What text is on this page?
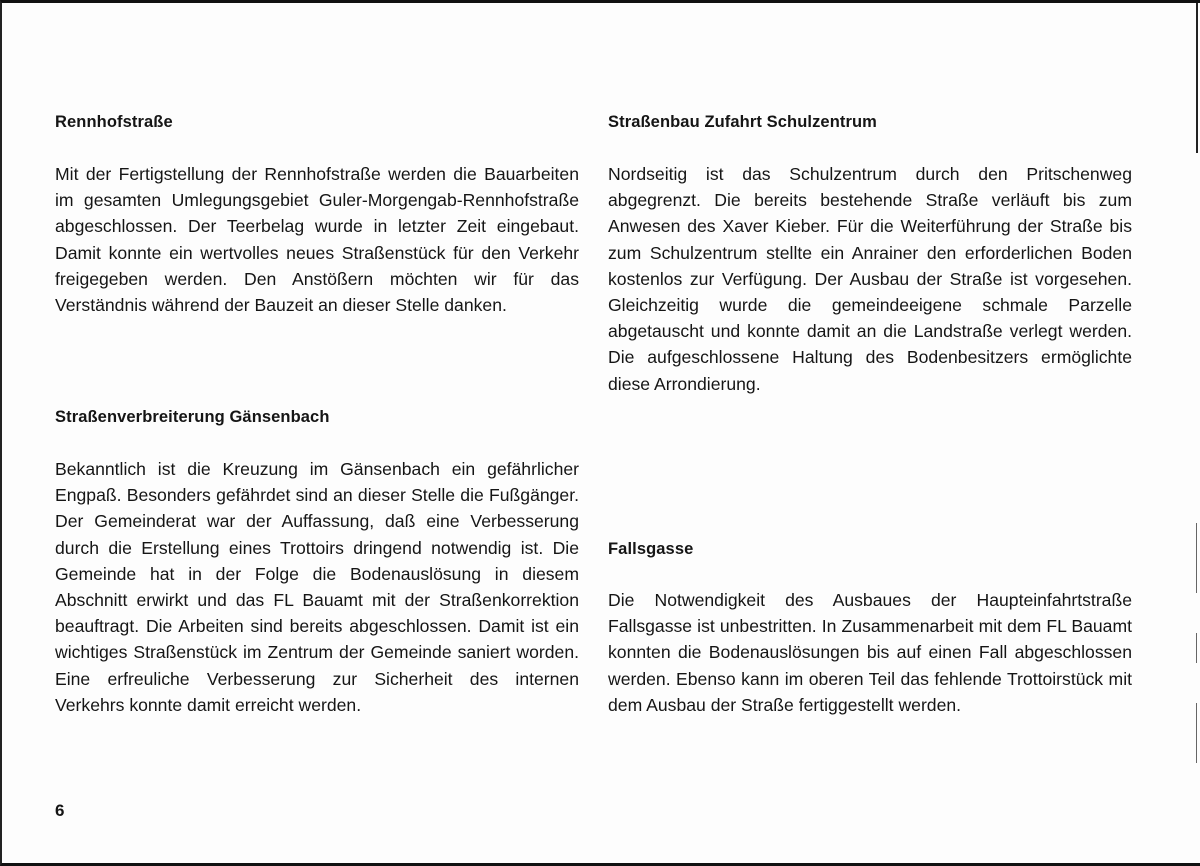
Rennhofstraße

Mit der Fertigstellung der Rennhofstraße werden die Bauarbeiten im gesamten Umlegungsgebiet Guler-Morgengab-Rennhofstraße abgeschlossen. Der Teerbelag wurde in letzter Zeit eingebaut. Damit konnte ein wertvolles neues Straßenstück für den Verkehr freigegeben werden. Den Anstößern möchten wir für das Verständnis während der Bauzeit an dieser Stelle danken.

Straßenverbreiterung Gänsenbach

Bekanntlich ist die Kreuzung im Gänsenbach ein gefährlicher Engpaß. Besonders gefährdet sind an dieser Stelle die Fußgänger. Der Gemeinderat war der Auffassung, daß eine Verbesserung durch die Erstellung eines Trottoirs dringend notwendig ist. Die Gemeinde hat in der Folge die Bodenauslösung in diesem Abschnitt erwirkt und das FL Bauamt mit der Straßenkorrektion beauftragt. Die Arbeiten sind bereits abgeschlossen. Damit ist ein wichtiges Straßenstück im Zentrum der Gemeinde saniert worden. Eine erfreuliche Verbesserung zur Sicherheit des internen Verkehrs konnte damit erreicht werden.

Straßenbau Zufahrt Schulzentrum

Nordseitig ist das Schulzentrum durch den Pritschenweg abgegrenzt. Die bereits bestehende Straße verläuft bis zum Anwesen des Xaver Kieber. Für die Weiterführung der Straße bis zum Schulzentrum stellte ein Anrainer den erforderlichen Boden kostenlos zur Verfügung. Der Ausbau der Straße ist vorgesehen. Gleichzeitig wurde die gemeindeeigene schmale Parzelle abgetauscht und konnte damit an die Landstraße verlegt werden. Die aufgeschlossene Haltung des Bodenbesitzers ermöglichte diese Arrondierung.

Fallsgasse

Die Notwendigkeit des Ausbaues der Haupteinfahrtstraße Fallsgasse ist unbestritten. In Zusammenarbeit mit dem FL Bauamt konnten die Bodenauslösungen bis auf einen Fall abgeschlossen werden. Ebenso kann im oberen Teil das fehlende Trottoirstück mit dem Ausbau der Straße fertiggestellt werden.

6
